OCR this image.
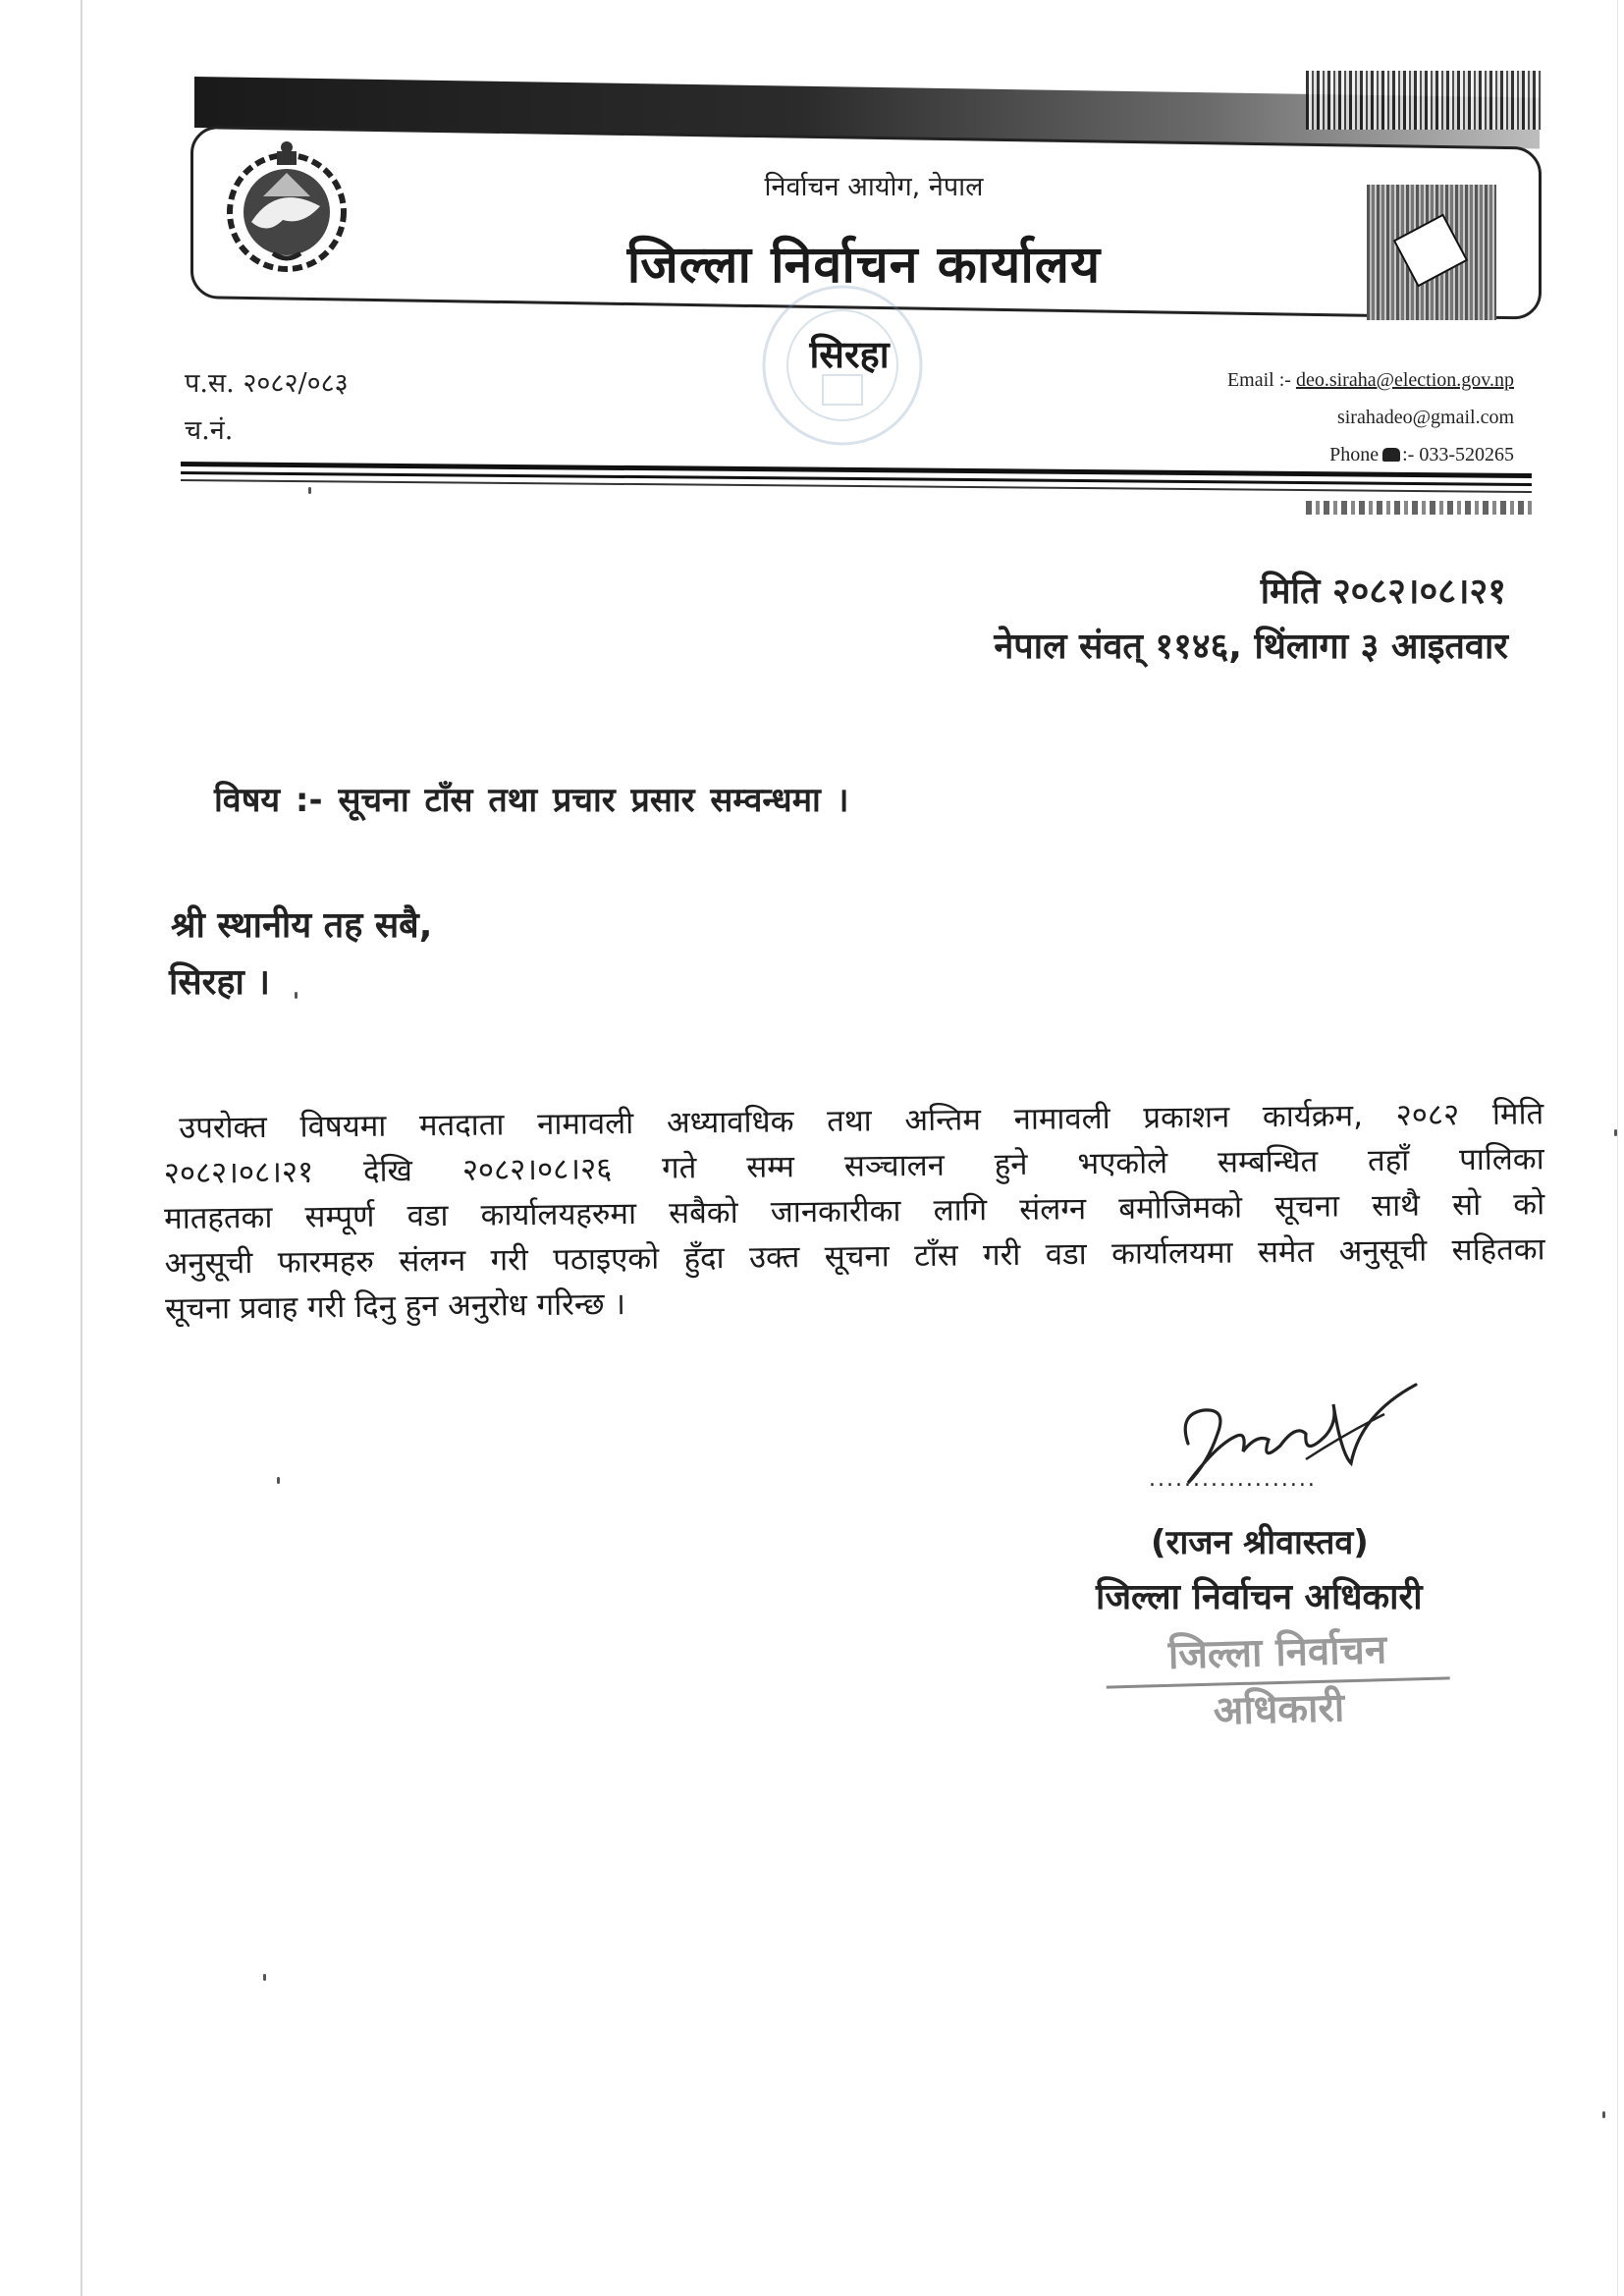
निर्वाचन आयोग, नेपाल
जिल्ला निर्वाचन कार्यालय
सिरहा
प.स. २०८२/०८३
च.नं.
Email :- deo.siraha@election.gov.np
sirahadeo@gmail.com
Phone :- 033-520265
मिति २०८२।०८।२१
नेपाल संवत् ११४६, थिंलागा ३ आइतवार
विषय :- सूचना टाँस तथा प्रचार प्रसार सम्वन्धमा ।
श्री स्थानीय तह सबै,
सिरहा ।
उपरोक्त विषयमा मतदाता नामावली अध्यावधिक तथा अन्तिम नामावली प्रकाशन कार्यक्रम, २०८२ मिति
२०८२।०८।२१ देखि २०८२।०८।२६ गते सम्म सञ्चालन हुने भएकोले सम्बन्धित तहाँ पालिका
मातहतका सम्पूर्ण वडा कार्यालयहरुमा सबैको जानकारीका लागि संलग्न बमोजिमको सूचना साथै सो को
अनुसूची फारमहरु संलग्न गरी पठाइएको हुँदा उक्त सूचना टाँस गरी वडा कार्यालयमा समेत अनुसूची सहितका
सूचना प्रवाह गरी दिनु हुन अनुरोध गरिन्छ ।
...................
(राजन श्रीवास्तव)
जिल्ला निर्वाचन अधिकारी
जिल्ला निर्वाचन अधिकारी
